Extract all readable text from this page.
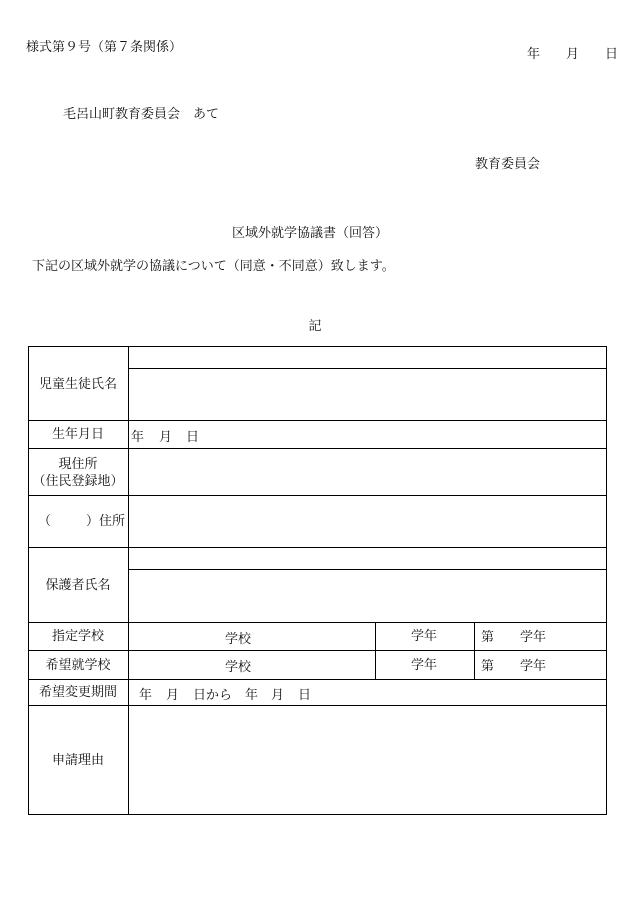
様式第９号（第７条関係）	年 月 日
毛呂山町教育委員会　あて
教育委員会
区域外就学協議書（回答）
下記の区域外就学の協議について（同意・不同意）致します。
記
児童生徒氏名
生年月日 年 月 日
現住所
（住民登録地）
（	）住所
保護者氏名
指定学校	学校	学年	第 学年
希望就学校	学校	学年	第 学年
希望変更期間 年 月 日から 年 月 日
申請理由
